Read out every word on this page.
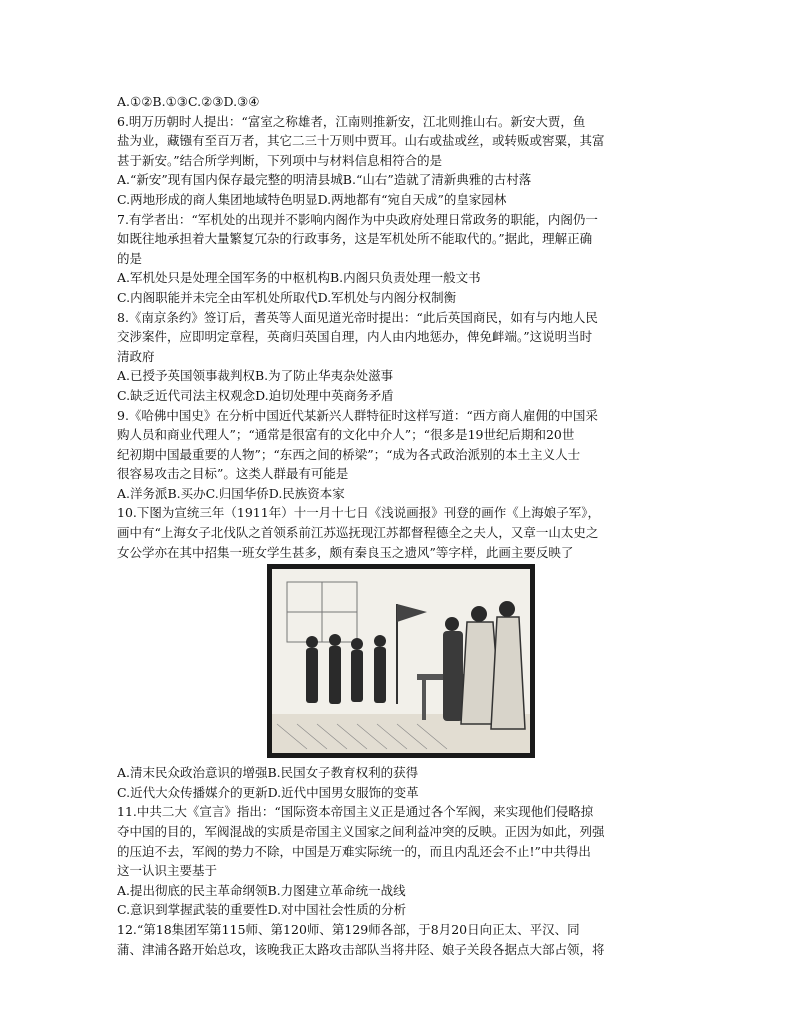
A.①②B.①③C.②③D.③④
6.明万历朝时人提出：“富室之称雄者，江南则推新安，江北则推山右。新安大贾，鱼
盐为业，藏镪有至百万者，其它二三十万则中贾耳。山右或盐或丝，或转贩或窖粟，其富
甚于新安。”结合所学判断，下列项中与材料信息相符合的是
A.“新安”现有国内保存最完整的明清县城B.“山右”造就了清新典雅的古村落
C.两地形成的商人集团地域特色明显D.两地都有“宛自天成”的皇家园林
7.有学者出：“军机处的出现并不影响内阁作为中央政府处理日常政务的职能，内阁仍一
如既往地承担着大量繁复冗杂的行政事务，这是军机处所不能取代的。”据此，理解正确
的是
A.军机处只是处理全国军务的中枢机构B.内阁只负责处理一般文书
C.内阁职能并未完全由军机处所取代D.军机处与内阁分权制衡
8.《南京条约》签订后，耆英等人面见道光帝时提出：“此后英国商民，如有与内地人民
交涉案件，应即明定章程，英商归英国自理，内人由内地惩办，俾免衅端。”这说明当时
清政府
A.已授予英国领事裁判权B.为了防止华夷杂处滋事
C.缺乏近代司法主权观念D.迫切处理中英商务矛盾
9.《哈佛中国史》在分析中国近代某新兴人群特征时这样写道：“西方商人雇佣的中国采
购人员和商业代理人”；“通常是很富有的文化中介人”；“很多是19世纪后期和20世
纪初期中国最重要的人物”；“东西之间的桥梁”；“成为各式政治派别的本土主义人士
很容易攻击之目标”。这类人群最有可能是
A.洋务派B.买办C.归国华侨D.民族资本家
10.下图为宣统三年（1911年）十一月十七日《浅说画报》刊登的画作《上海娘子军》，
画中有“上海女子北伐队之首领系前江苏巡抚现江苏都督程德全之夫人，又章一山太史之
女公学亦在其中招集一班女学生甚多，颇有秦良玉之遗风”等字样，此画主要反映了
A.清末民众政治意识的增强B.民国女子教育权利的获得
C.近代大众传播媒介的更新D.近代中国男女服饰的变革
11.中共二大《宣言》指出：“国际资本帝国主义正是通过各个军阀，来实现他们侵略掠
夺中国的目的，军阀混战的实质是帝国主义国家之间利益冲突的反映。正因为如此，列强
的压迫不去，军阀的势力不除，中国是万难实际统一的，而且内乱还会不止!”中共得出
这一认识主要基于
A.提出彻底的民主革命纲领B.力图建立革命统一战线
C.意识到掌握武装的重要性D.对中国社会性质的分析
12.“第18集团军第115师、第120师、第129师各部，于8月20日向正太、平汉、同
蒲、津浦各路开始总攻，该晚我正太路攻击部队当将井陉、娘子关段各据点大部占领，将
